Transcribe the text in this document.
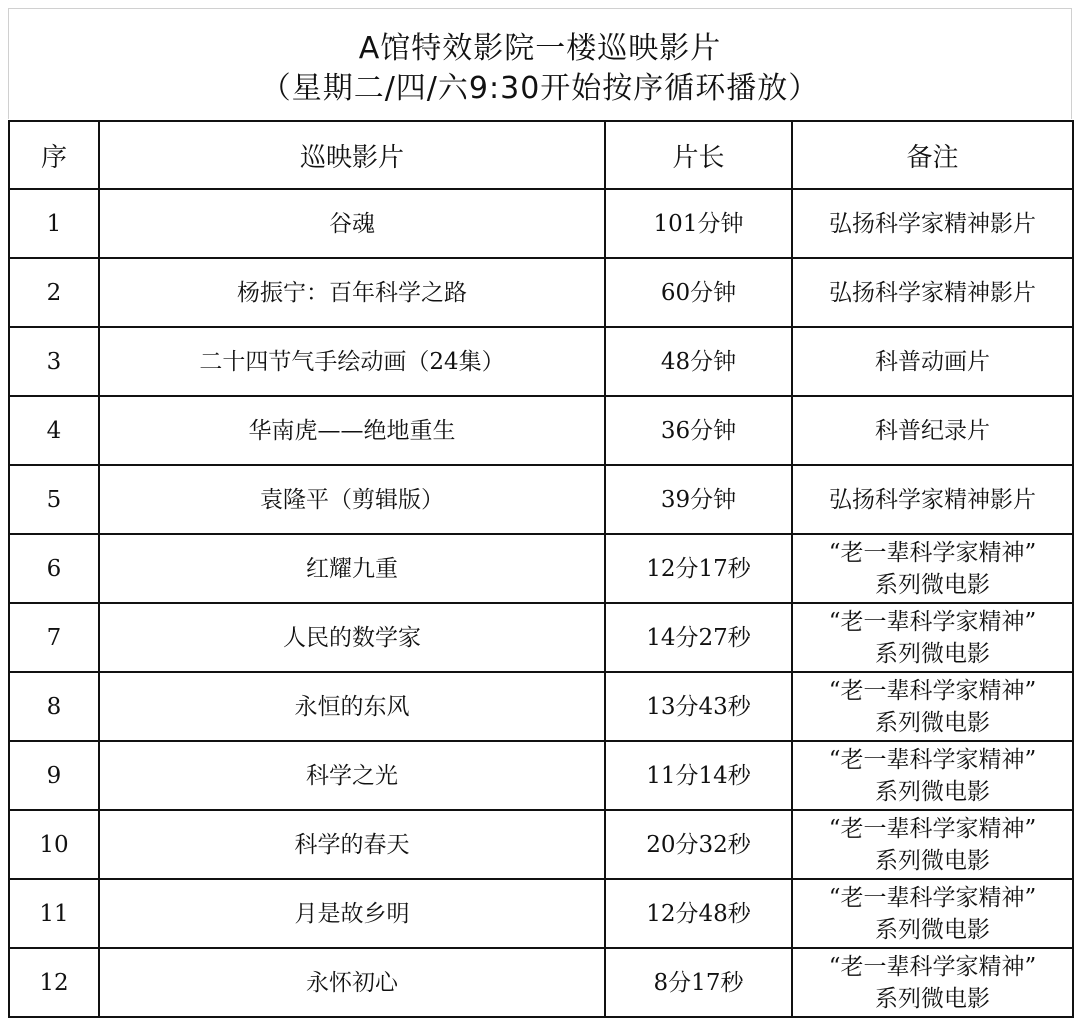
A馆特效影院一楼巡映影片
（星期二/四/六9:30开始按序循环播放）
序	巡映影片	片长	备注
1	谷魂	101分钟	弘扬科学家精神影片

2	杨振宁：百年科学之路	60分钟	弘扬科学家精神影片

3	二十四节气手绘动画（24集）	48分钟	科普动画片

4	华南虎——绝地重生	36分钟	科普纪录片

5	袁隆平（剪辑版）	39分钟	弘扬科学家精神影片

6	红耀九重	12分17秒	“老一辈科学家精神”
系列微电影

7	人民的数学家	14分27秒	“老一辈科学家精神”
系列微电影

8	永恒的东风	13分43秒	“老一辈科学家精神”
系列微电影

9	科学之光	11分14秒	“老一辈科学家精神”
系列微电影

10	科学的春天	20分32秒	“老一辈科学家精神”
系列微电影

11	月是故乡明	12分48秒	“老一辈科学家精神”
系列微电影

12	永怀初心	8分17秒	“老一辈科学家精神”
系列微电影
